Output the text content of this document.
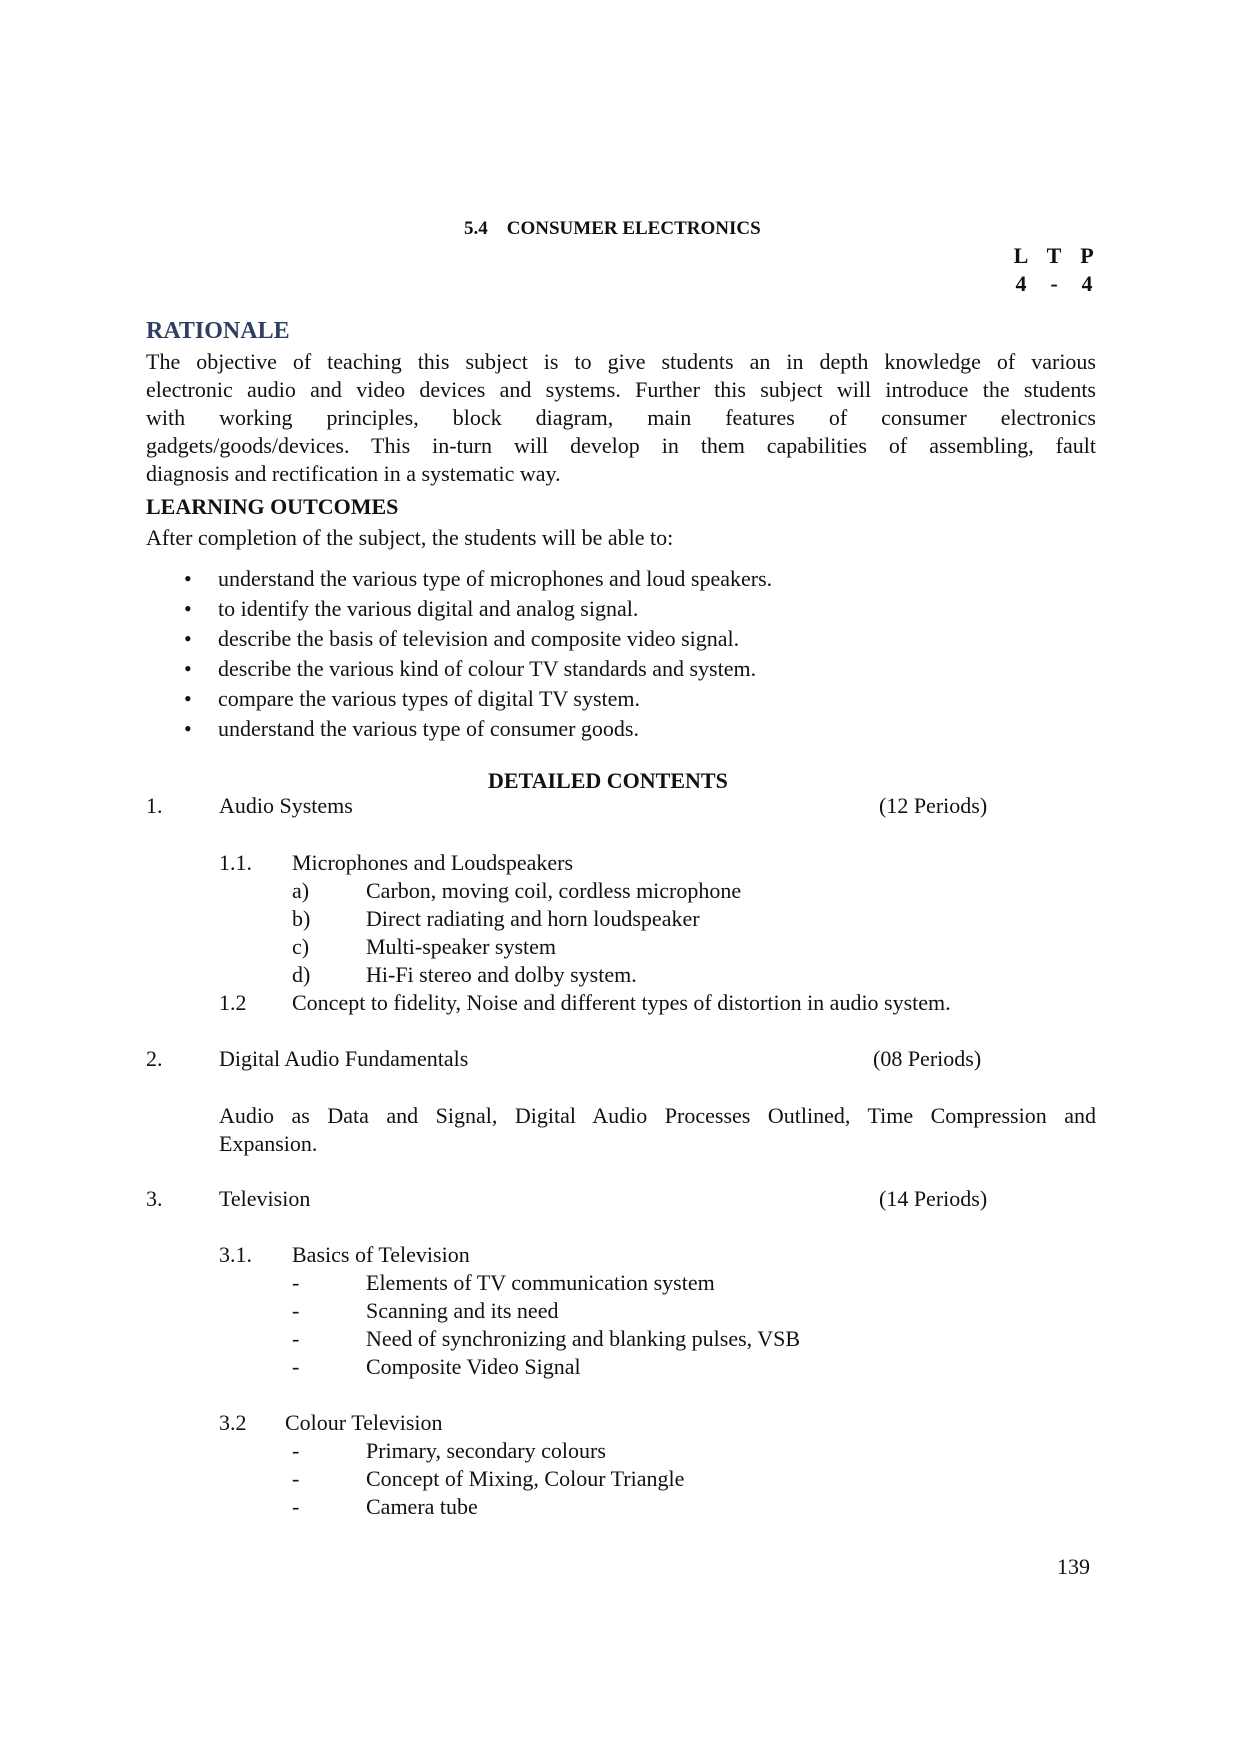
5.4    CONSUMER ELECTRONICS
L T P
4 - 4
RATIONALE
The objective of teaching this subject is to give students an in depth knowledge of various
electronic audio and video devices and systems. Further this subject will introduce the students
with working principles, block diagram, main features of consumer electronics
gadgets/goods/devices. This in-turn will develop in them capabilities of assembling, fault
diagnosis and rectification in a systematic way.
LEARNING OUTCOMES
After completion of the subject, the students will be able to:
• understand the various type of microphones and loud speakers.
• to identify the various digital and analog signal.
• describe the basis of television and composite video signal.
• describe the various kind of colour TV standards and system.
• compare the various types of digital TV system.
• understand the various type of consumer goods.
DETAILED CONTENTS
1.	Audio Systems	(12 Periods)
1.1. Microphones and Loudspeakers
a)	Carbon, moving coil, cordless microphone
b)	Direct radiating and horn loudspeaker
c)	Multi-speaker system
d)	Hi-Fi stereo and dolby system.
1.2 Concept to fidelity, Noise and different types of distortion in audio system.
2.	Digital Audio Fundamentals	(08 Periods)
Audio as Data and Signal, Digital Audio Processes Outlined, Time Compression and
Expansion.
3.	Television	(14 Periods)
3.1. Basics of Television
-	Elements of TV communication system
-	Scanning and its need
-	Need of synchronizing and blanking pulses, VSB
-	Composite Video Signal
3.2 Colour Television
-	Primary, secondary colours
-	Concept of Mixing, Colour Triangle
-	Camera tube
139
